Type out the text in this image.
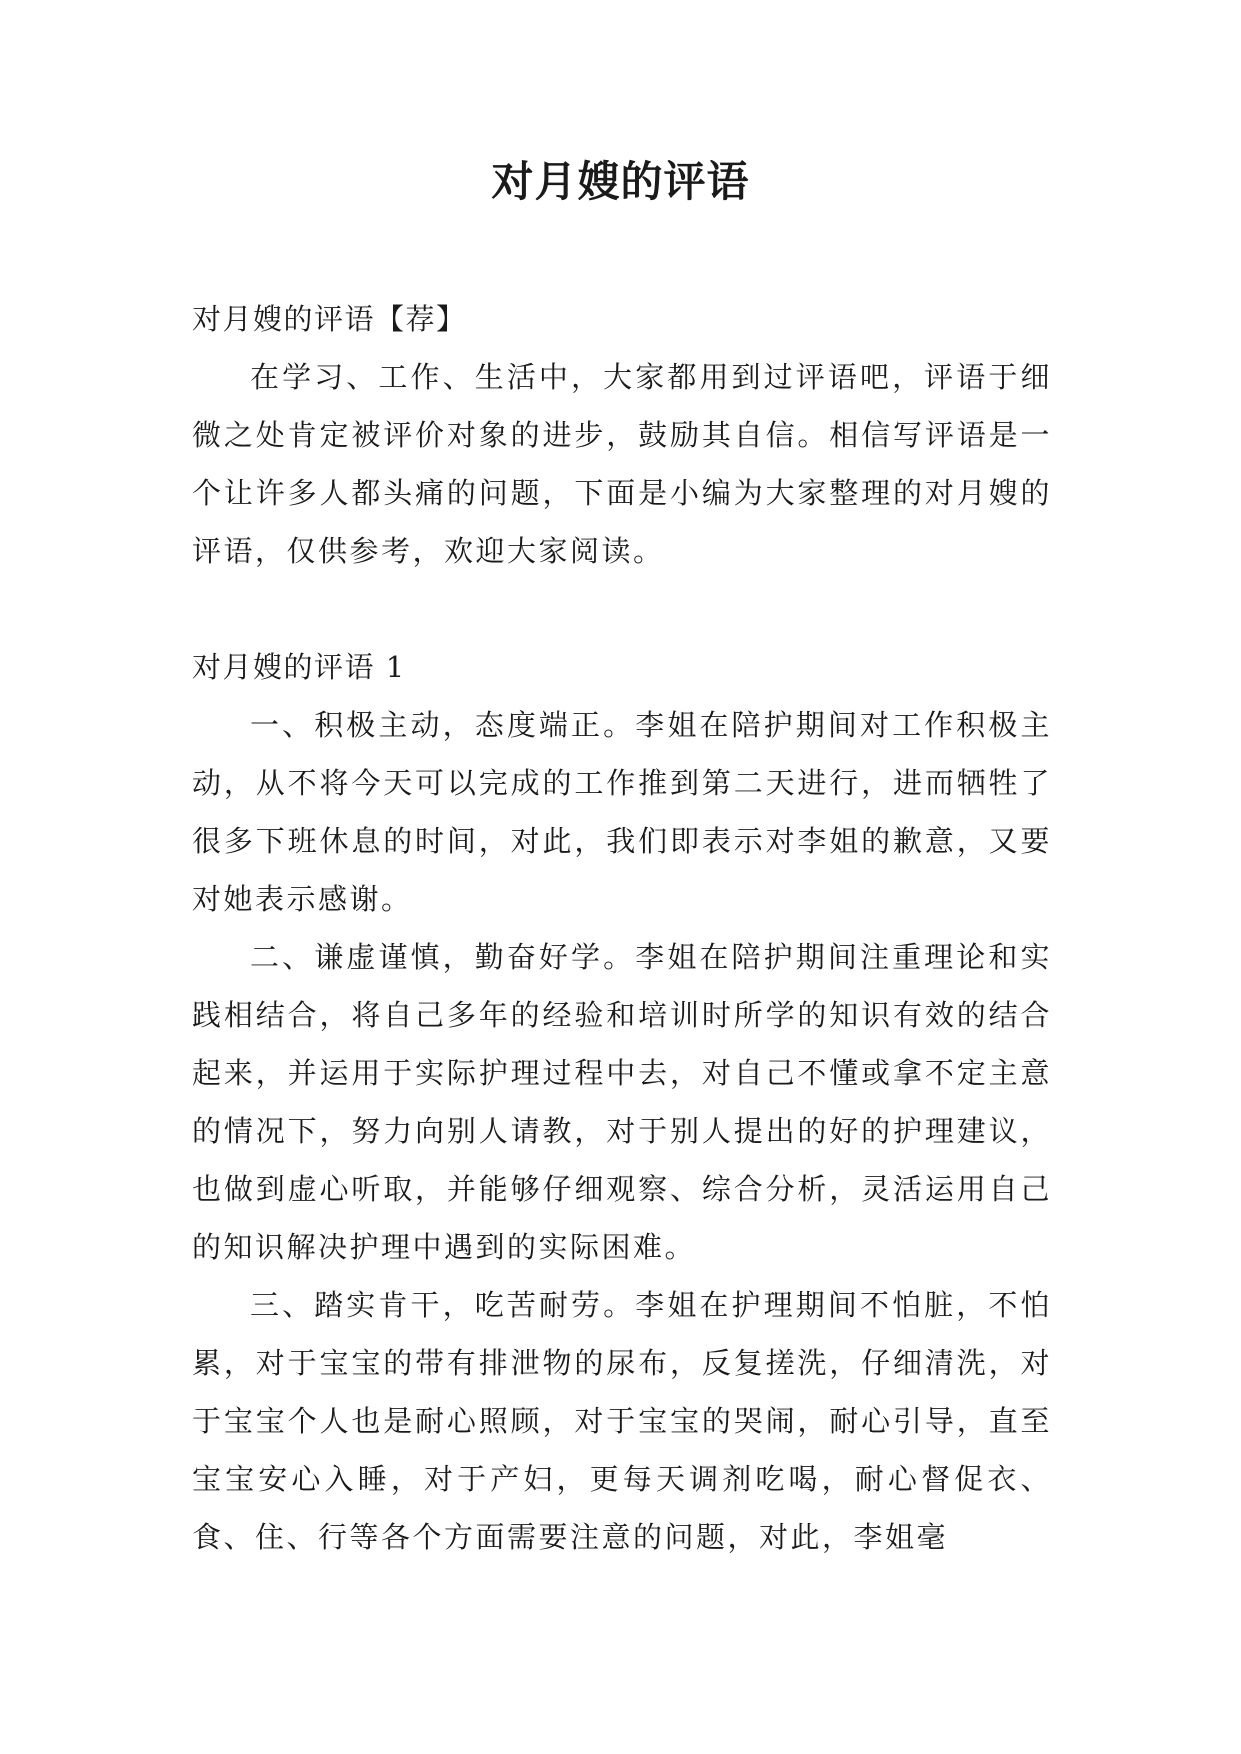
对月嫂的评语

对月嫂的评语【荐】

在学习、工作、生活中，大家都用到过评语吧，评语于细微之处肯定被评价对象的进步，鼓励其自信。相信写评语是一个让许多人都头痛的问题，下面是小编为大家整理的对月嫂的评语，仅供参考，欢迎大家阅读。

对月嫂的评语 1

一、积极主动，态度端正。李姐在陪护期间对工作积极主动，从不将今天可以完成的工作推到第二天进行，进而牺牲了很多下班休息的时间，对此，我们即表示对李姐的歉意，又要对她表示感谢。

二、谦虚谨慎，勤奋好学。李姐在陪护期间注重理论和实践相结合，将自己多年的经验和培训时所学的知识有效的结合起来，并运用于实际护理过程中去，对自己不懂或拿不定主意的情况下，努力向别人请教，对于别人提出的好的护理建议，也做到虚心听取，并能够仔细观察、综合分析，灵活运用自己的知识解决护理中遇到的实际困难。

三、踏实肯干，吃苦耐劳。李姐在护理期间不怕脏，不怕累，对于宝宝的带有排泄物的尿布，反复搓洗，仔细清洗，对于宝宝个人也是耐心照顾，对于宝宝的哭闹，耐心引导，直至宝宝安心入睡，对于产妇，更每天调剂吃喝，耐心督促衣、食、住、行等各个方面需要注意的问题，对此，李姐毫
